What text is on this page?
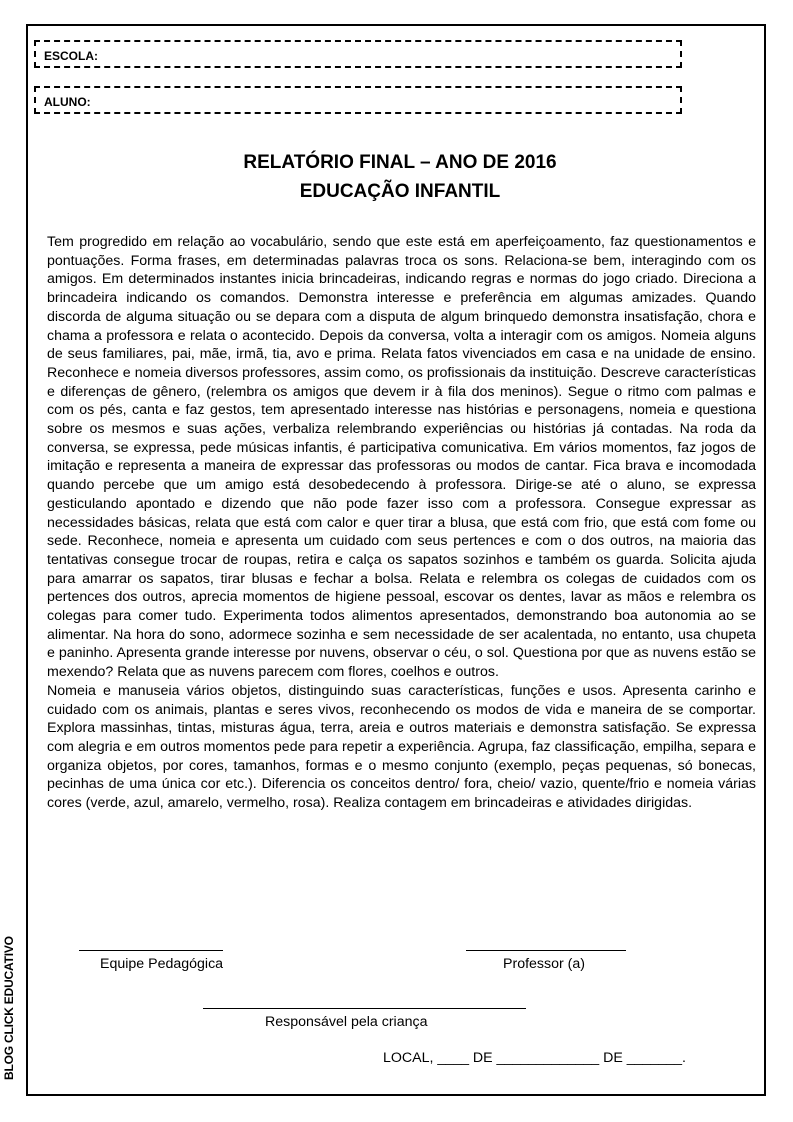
ESCOLA:
ALUNO:
RELATÓRIO FINAL – ANO DE 2016
EDUCAÇÃO INFANTIL

Tem progredido em relação ao vocabulário, sendo que este está em aperfeiçoamento, faz questionamentos e pontuações. Forma frases, em determinadas palavras troca os sons. Relaciona-se bem, interagindo com os amigos. Em determinados instantes inicia brincadeiras, indicando regras e normas do jogo criado. Direciona a brincadeira indicando os comandos. Demonstra interesse e preferência em algumas amizades. Quando discorda de alguma situação ou se depara com a disputa de algum brinquedo demonstra insatisfação, chora e chama a professora e relata o acontecido. Depois da conversa, volta a interagir com os amigos. Nomeia alguns de seus familiares, pai, mãe, irmã, tia, avo e prima. Relata fatos vivenciados em casa e na unidade de ensino. Reconhece e nomeia diversos professores, assim como, os profissionais da instituição. Descreve características e diferenças de gênero, (relembra os amigos que devem ir à fila dos meninos). Segue o ritmo com palmas e com os pés, canta e faz gestos, tem apresentado interesse nas histórias e personagens, nomeia e questiona sobre os mesmos e suas ações, verbaliza relembrando experiências ou histórias já contadas. Na roda da conversa, se expressa, pede músicas infantis, é participativa comunicativa. Em vários momentos, faz jogos de imitação e representa a maneira de expressar das professoras ou modos de cantar. Fica brava e incomodada quando percebe que um amigo está desobedecendo à professora. Dirige-se até o aluno, se expressa gesticulando apontado e dizendo que não pode fazer isso com a professora. Consegue expressar as necessidades básicas, relata que está com calor e quer tirar a blusa, que está com frio, que está com fome ou sede. Reconhece, nomeia e apresenta um cuidado com seus pertences e com o dos outros, na maioria das tentativas consegue trocar de roupas, retira e calça os sapatos sozinhos e também os guarda. Solicita ajuda para amarrar os sapatos, tirar blusas e fechar a bolsa. Relata e relembra os colegas de cuidados com os pertences dos outros, aprecia momentos de higiene pessoal, escovar os dentes, lavar as mãos e relembra os colegas para comer tudo. Experimenta todos alimentos apresentados, demonstrando boa autonomia ao se alimentar. Na hora do sono, adormece sozinha e sem necessidade de ser acalentada, no entanto, usa chupeta e paninho. Apresenta grande interesse por nuvens, observar o céu, o sol. Questiona por que as nuvens estão se mexendo? Relata que as nuvens parecem com flores, coelhos e outros.

Nomeia e manuseia vários objetos, distinguindo suas características, funções e usos. Apresenta carinho e cuidado com os animais, plantas e seres vivos, reconhecendo os modos de vida e maneira de se comportar. Explora massinhas, tintas, misturas água, terra, areia e outros materiais e demonstra satisfação. Se expressa com alegria e em outros momentos pede para repetir a experiência. Agrupa, faz classificação, empilha, separa e organiza objetos, por cores, tamanhos, formas e o mesmo conjunto (exemplo, peças pequenas, só bonecas, pecinhas de uma única cor etc.). Diferencia os conceitos dentro/ fora, cheio/ vazio, quente/frio e nomeia várias cores (verde, azul, amarelo, vermelho, rosa). Realiza contagem em brincadeiras e atividades dirigidas.

Equipe Pedagógica	Professor (a)
Responsável pela criança
LOCAL, ____ DE _____________ DE _______.
BLOG CLICK EDUCATIVO
